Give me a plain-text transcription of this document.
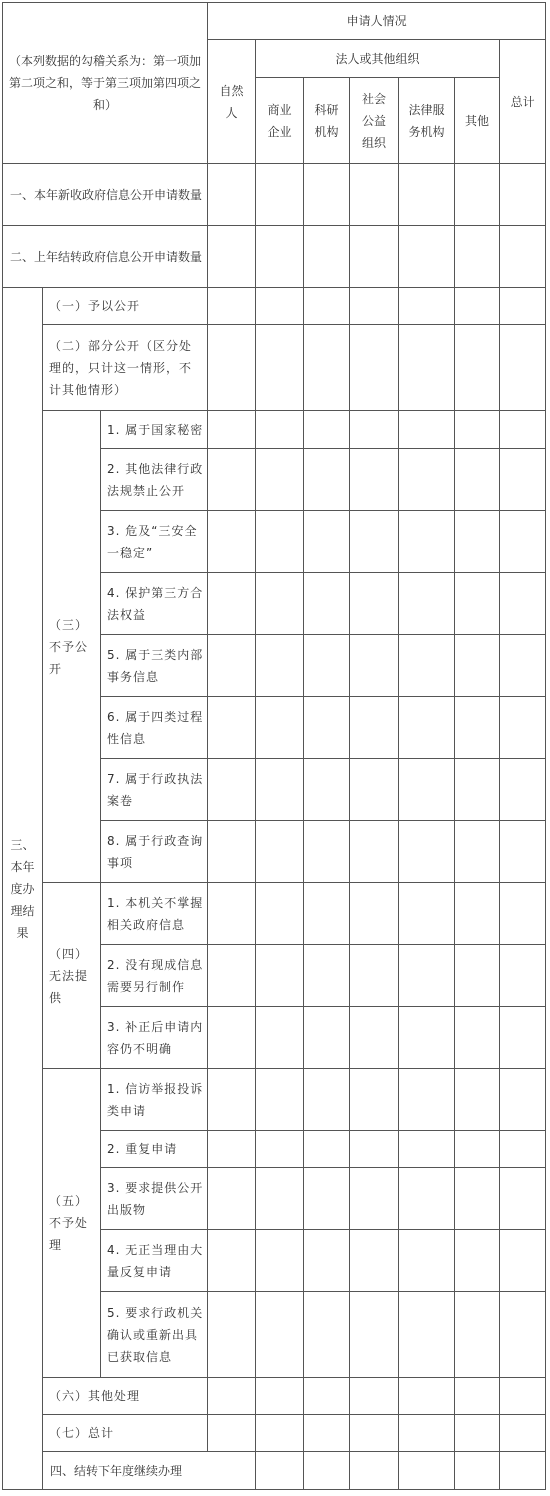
（本列数据的勾稽关系为：第一项加第二项之和，等于第三项加第四项之和）			申请人情况							
			自然人	法人或其他组织					总计	
				商业企业	科研机构	社会公益组织	法律服务机构	其他		
一、本年新收政府信息公开申请数量										
二、上年结转政府信息公开申请数量										
三、本年度办理结果	（一）予以公开									
	（二）部分公开（区分处理的，只计这一情形，不计其他情形）									
	（三）不予公开	1. 属于国家秘密								
		2. 其他法律行政法规禁止公开								
		3. 危及“三安全一稳定”								
		4. 保护第三方合法权益								
		5. 属于三类内部事务信息								
		6. 属于四类过程性信息								
		7. 属于行政执法案卷								
		8. 属于行政查询事项								
	（四）无法提供	1. 本机关不掌握相关政府信息								
		2. 没有现成信息需要另行制作								
		3. 补正后申请内容仍不明确								
	（五）不予处理	1. 信访举报投诉类申请								
		2. 重复申请								
		3. 要求提供公开出版物								
		4. 无正当理由大量反复申请								
		5. 要求行政机关确认或重新出具已获取信息								
	（六）其他处理									
	（七）总计									
	四、结转下年度继续办理									
